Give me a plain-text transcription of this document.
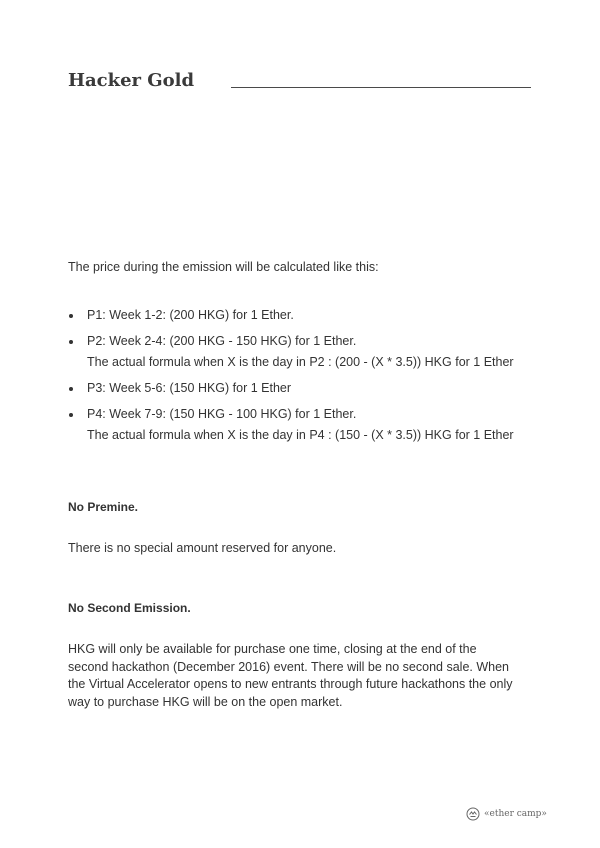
Hacker Gold

The price during the emission will be calculated like this:

P1: Week 1-2: (200 HKG) for 1 Ether.
P2: Week 2-4: (200 HKG - 150 HKG) for 1 Ether.
The actual formula when X is the day in P2 : (200 - (X * 3.5)) HKG for 1 Ether
P3: Week 5-6: (150 HKG) for 1 Ether
P4: Week 7-9: (150 HKG - 100 HKG) for 1 Ether.
The actual formula when X is the day in P4 : (150 - (X * 3.5)) HKG for 1 Ether
No Premine.

There is no special amount reserved for anyone.

No Second Emission.

HKG will only be available for purchase one time, closing at the end of the second hackathon (December 2016) event. There will be no second sale. When the Virtual Accelerator opens to new entrants through future hackathons the only way to purchase HKG will be on the open market.

«ether camp»
